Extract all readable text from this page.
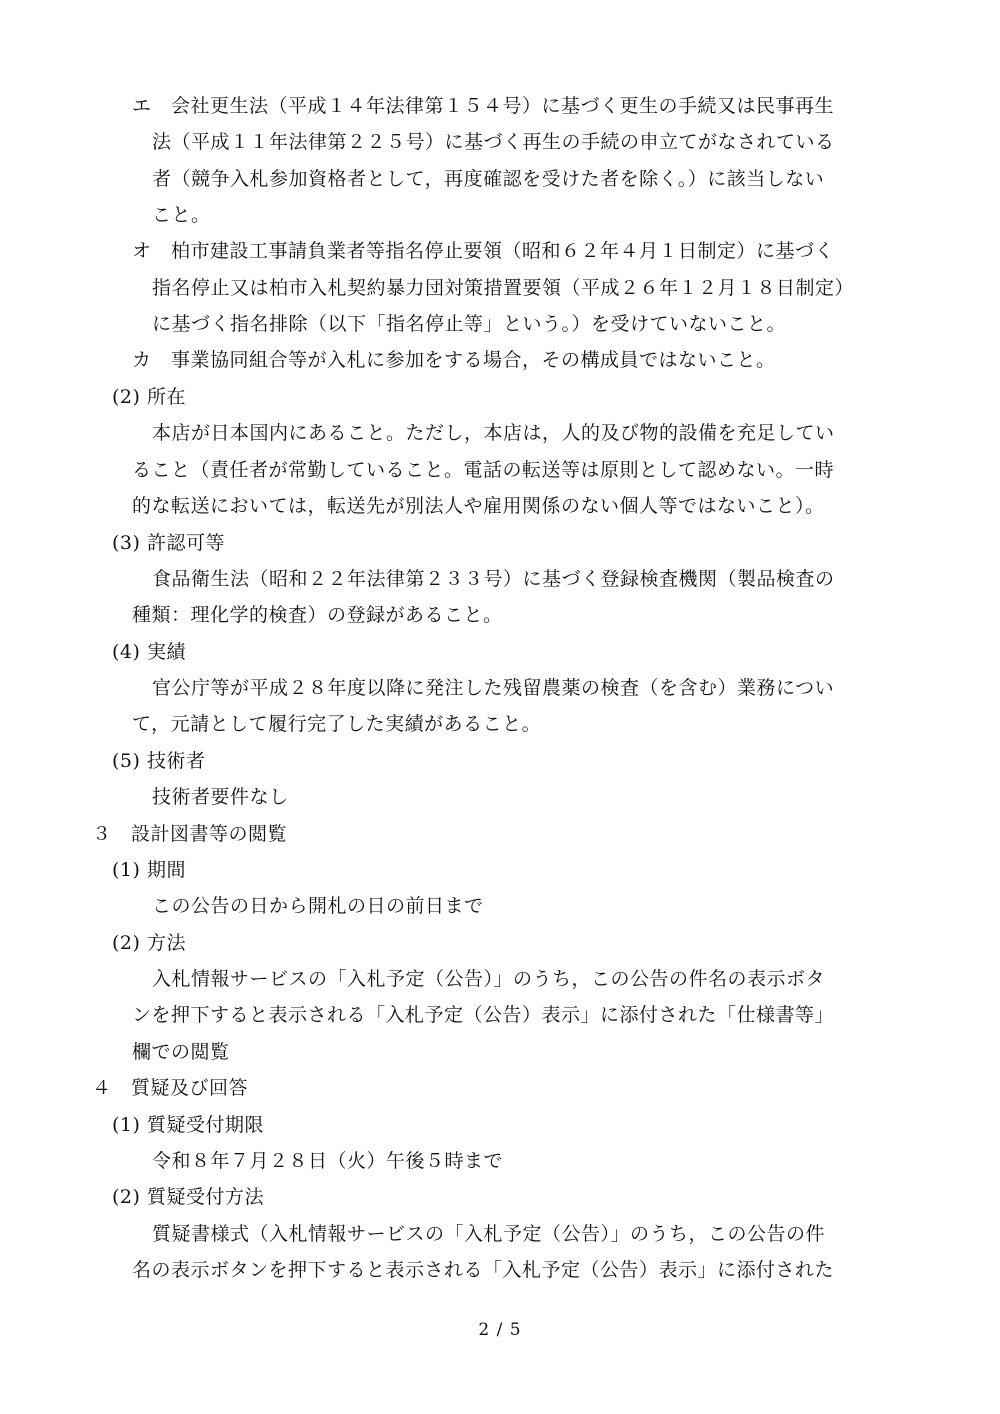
エ　会社更生法（平成１４年法律第１５４号）に基づく更生の手続又は民事再生
法（平成１１年法律第２２５号）に基づく再生の手続の申立てがなされている
者（競争入札参加資格者として，再度確認を受けた者を除く。）に該当しない
こと。
オ　柏市建設工事請負業者等指名停止要領（昭和６２年４月１日制定）に基づく
指名停止又は柏市入札契約暴力団対策措置要領（平成２６年１２月１８日制定）
に基づく指名排除（以下「指名停止等」という。）を受けていないこと。
カ　事業協同組合等が入札に参加をする場合，その構成員ではないこと。
(2) 所在
本店が日本国内にあること。ただし，本店は，人的及び物的設備を充足してい
ること（責任者が常勤していること。電話の転送等は原則として認めない。一時
的な転送においては，転送先が別法人や雇用関係のない個人等ではないこと）。
(3) 許認可等
食品衛生法（昭和２２年法律第２３３号）に基づく登録検査機関（製品検査の
種類：理化学的検査）の登録があること。
(4) 実績
官公庁等が平成２８年度以降に発注した残留農薬の検査（を含む）業務につい
て，元請として履行完了した実績があること。
(5) 技術者
技術者要件なし
３　設計図書等の閲覧
(1) 期間
この公告の日から開札の日の前日まで
(2) 方法
入札情報サービスの「入札予定（公告）」のうち，この公告の件名の表示ボタ
ンを押下すると表示される「入札予定（公告）表示」に添付された「仕様書等」
欄での閲覧
４　質疑及び回答
(1) 質疑受付期限
令和８年７月２８日（火）午後５時まで
(2) 質疑受付方法
質疑書様式（入札情報サービスの「入札予定（公告）」のうち，この公告の件
名の表示ボタンを押下すると表示される「入札予定（公告）表示」に添付された
2 / 5
